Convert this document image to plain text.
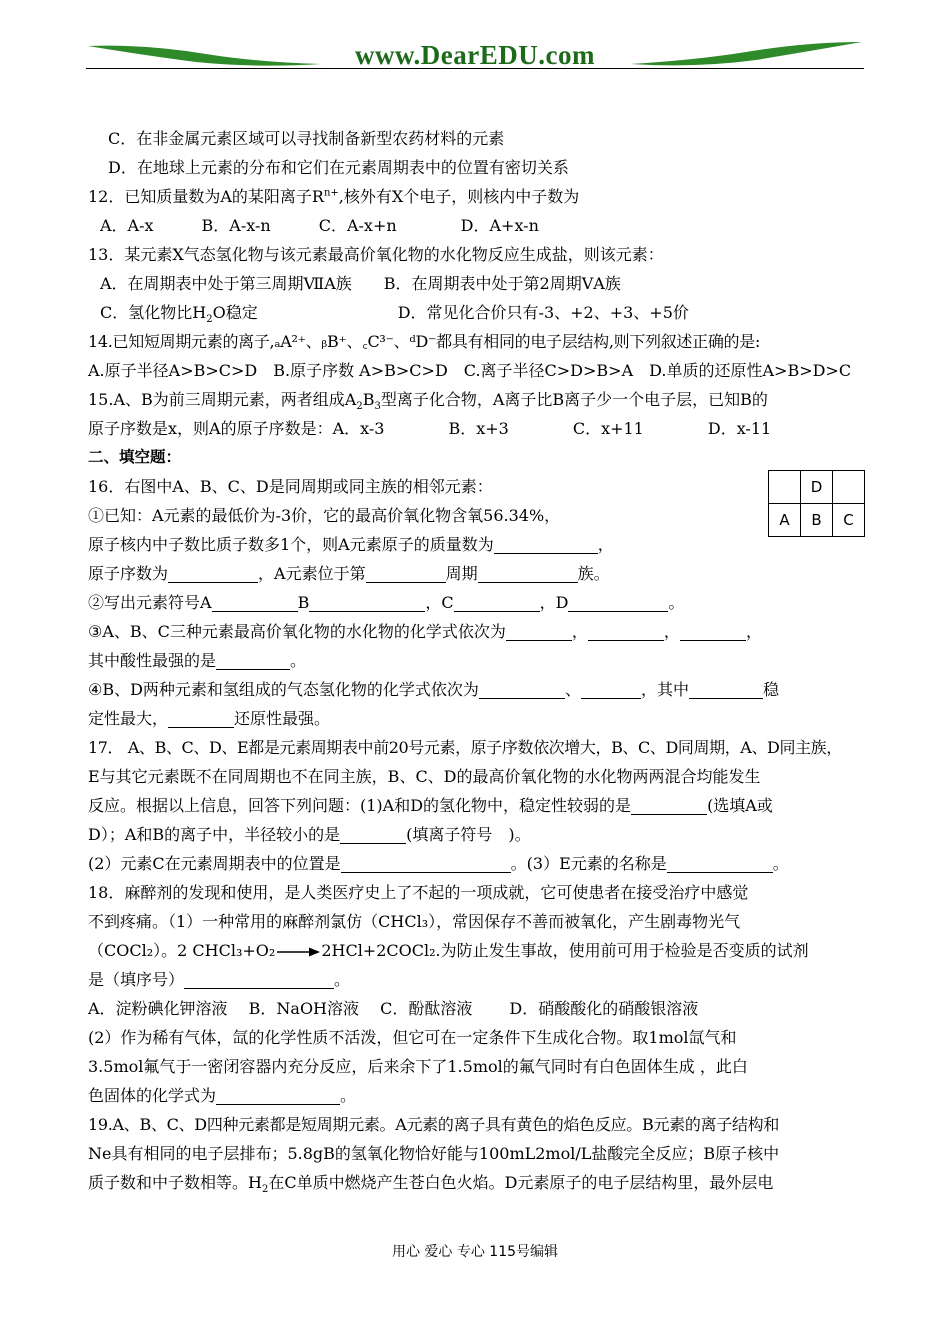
www.DearEDU.com
	D	
A	B	C
C．在非金属元素区域可以寻找制备新型农药材料的元素
D．在地球上元素的分布和它们在元素周期表中的位置有密切关系
12．已知质量数为A的某阳离子$R^{n+}$,核外有X个电子，则核内中子数为
A．A-x　　　B．A-x-n　　　C．A-x+n　　　　D．A+x-n
13．某元素X气态氢化物与该元素最高价氧化物的水化物反应生成盐，则该元素：
A．在周期表中处于第三周期ⅦA族　　B．在周期表中处于第2周期ⅤA族
C．氢化物比$H_2O$稳定	D．常见化合价只有-3、+2、+3、+5价
14.已知短周期元素的离子,ₐA²⁺、ᵦB⁺、꜀C³⁻、ᵈD⁻都具有相同的电子层结构,则下列叙述正确的是:
A.原子半径A>B>C>D　B.原子序数 A>B>C>D　C.离子半径C>D>B>A　D.单质的还原性A>B>D>C
15.A、B为前三周期元素，两者组成$A_2B_3$型离子化合物，A离子比B离子少一个电子层，已知B的
原子序数是x，则A的原子序数是：A．x-3　　　　B．x+3　　　　C．x+11　　　　D．x-11
二、填空题：
16．右图中A、B、C、D是同周期或同主族的相邻元素：
①已知：A元素的最低价为-3价，它的最高价氧化物含氧56.34%，
原子核内中子数比质子数多1个，则A元素原子的质量数为	，
原子序数为	，A元素位于第	周期	族。
②写出元素符号A	B	，C	，D	。
③A、B、C三种元素最高价氧化物的水化物的化学式依次为	，	，	，
其中酸性最强的是	。
④B、D两种元素和氢组成的气态氢化物的化学式依次为	、	，其中	稳
定性最大，	还原性最强。
17． A、B、C、D、E都是元素周期表中前20号元素，原子序数依次增大，B、C、D同周期，A、D同主族，
E与其它元素既不在同周期也不在同主族，B、C、D的最高价氧化物的水化物两两混合均能发生
反应。根据以上信息，回答下列问题：(1)A和D的氢化物中，稳定性较弱的是	(选填A或
D）；A和B的离子中，半径较小的是	(填离子符号　)。
(2）元素C在元素周期表中的位置是	。(3）E元素的名称是	。
18．麻醉剂的发现和使用，是人类医疗史上了不起的一项成就，它可使患者在接受治疗中感觉
不到疼痛。（1）一种常用的麻醉剂氯仿（CHCl₃），常因保存不善而被氧化，产生剧毒物光气
（COCl₂）。2 CHCl₃+O₂→2HCl+2COCl₂.为防止发生事故，使用前可用于检验是否变质的试剂
是（填序号）	。
A．淀粉碘化钾溶液　 B．NaOH溶液　 C．酚酞溶液　　 D．硝酸酸化的硝酸银溶液
(2）作为稀有气体，氙的化学性质不活泼，但它可在一定条件下生成化合物。取1mol氙气和
3.5mol氟气于一密闭容器内充分反应，后来余下了1.5mol的氟气同时有白色固体生成 ，此白
色固体的化学式为	。
19.A、B、C、D四种元素都是短周期元素。A元素的离子具有黄色的焰色反应。B元素的离子结构和
Ne具有相同的电子层排布；5.8gB的氢氧化物恰好能与100mL2mol/L盐酸完全反应；B原子核中
质子数和中子数相等。$H_2$在C单质中燃烧产生苍白色火焰。D元素原子的电子层结构里，最外层电
用心 爱心 专心 115号编辑
